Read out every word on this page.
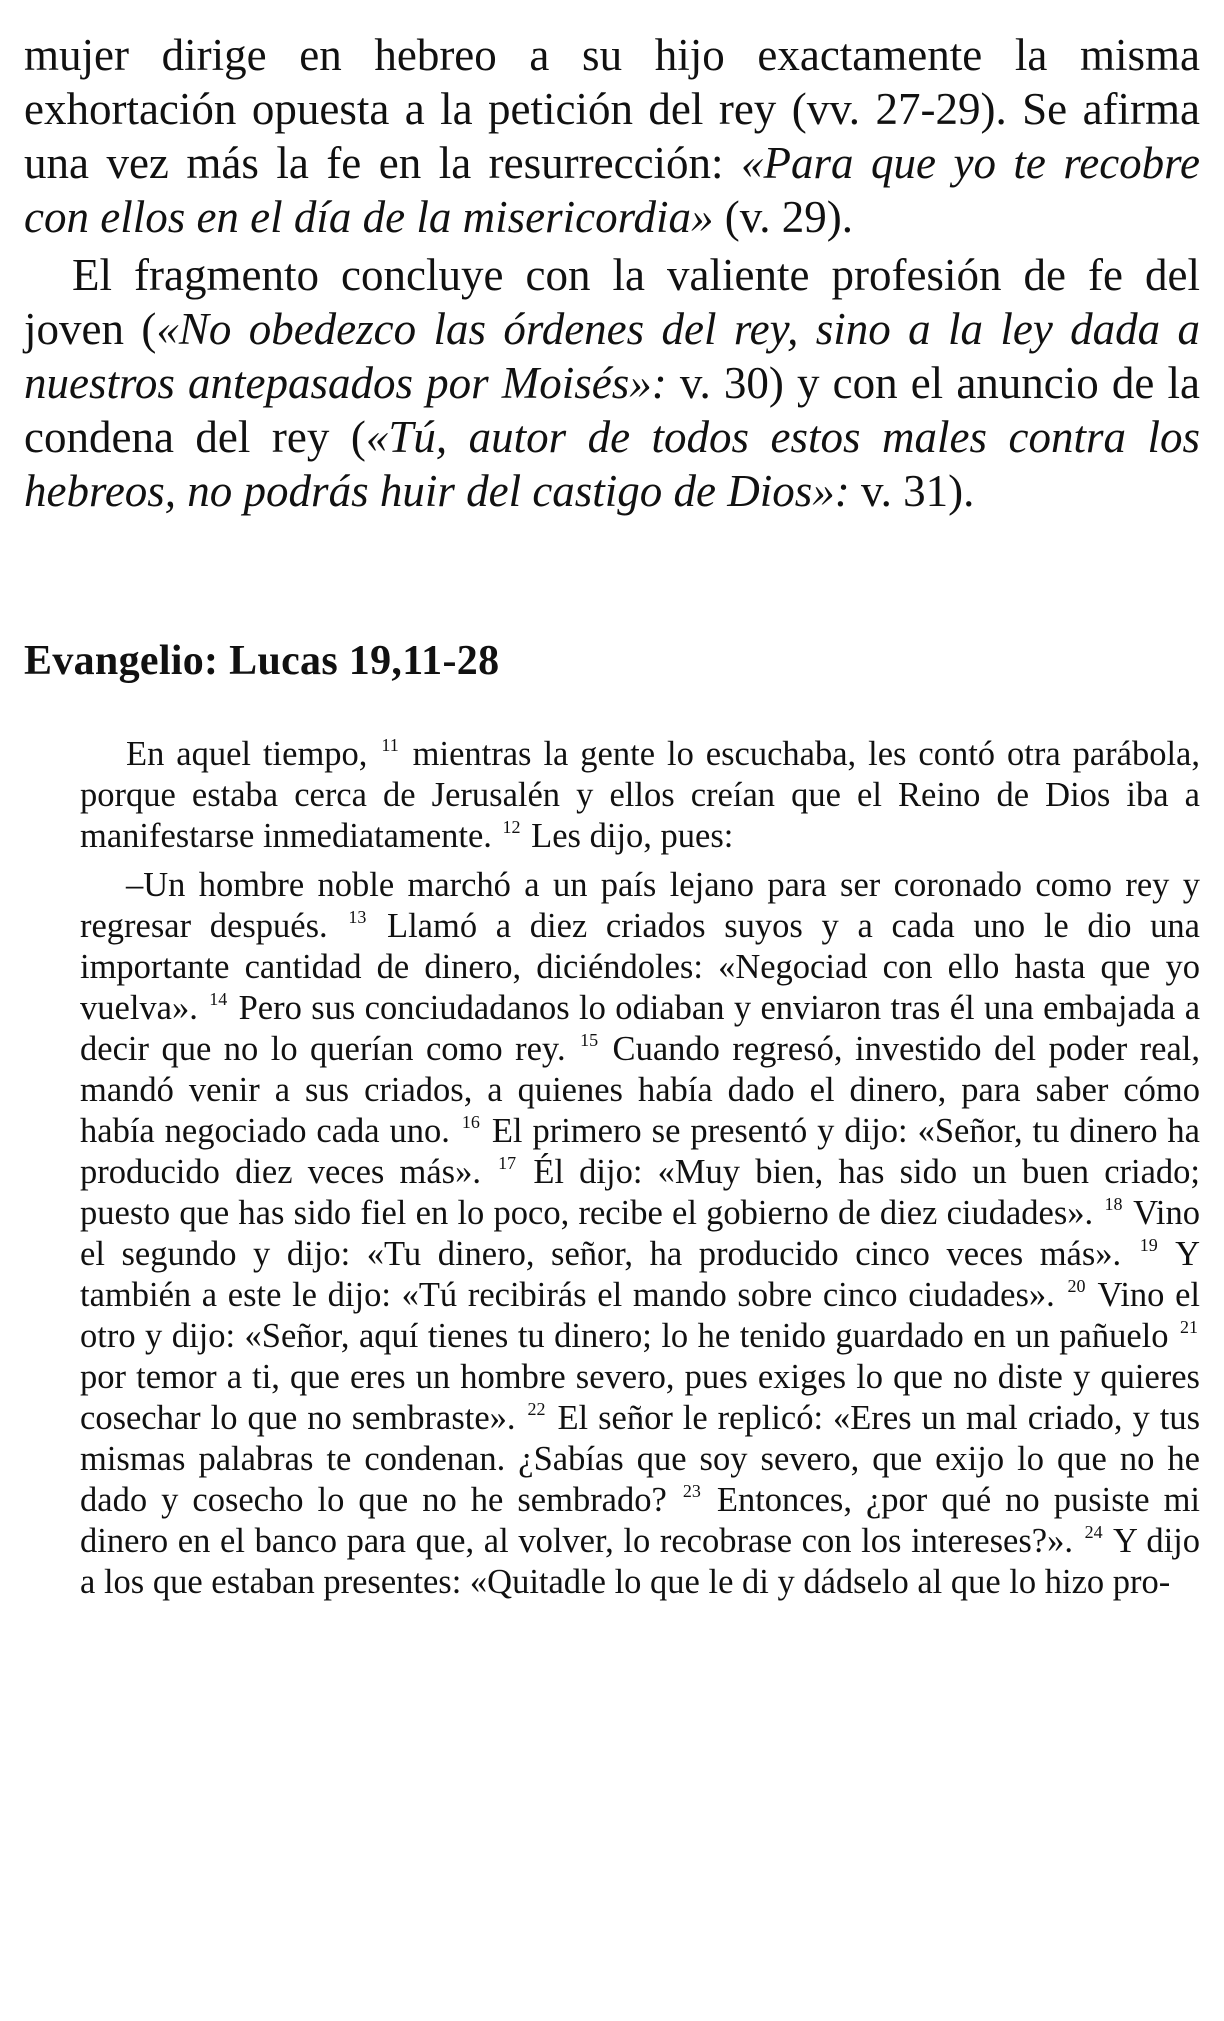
mujer dirige en hebreo a su hijo exactamente la misma exhortación opuesta a la petición del rey (vv. 27-29). Se afirma una vez más la fe en la resurrección: «Para que yo te recobre con ellos en el día de la misericordia» (v. 29).

El fragmento concluye con la valiente profesión de fe del joven («No obedezco las órdenes del rey, sino a la ley dada a nuestros antepasados por Moisés»: v. 30) y con el anuncio de la condena del rey («Tú, autor de todos estos males contra los hebreos, no podrás huir del castigo de Dios»: v. 31).

Evangelio: Lucas 19,11-28

En aquel tiempo, $^{11}$ mientras la gente lo escuchaba, les contó otra parábola, porque estaba cerca de Jerusalén y ellos creían que el Reino de Dios iba a manifestarse inmediatamente. $^{12}$ Les dijo, pues:

–Un hombre noble marchó a un país lejano para ser coronado como rey y regresar después. $^{13}$ Llamó a diez criados suyos y a cada uno le dio una importante cantidad de dinero, diciéndoles: «Negociad con ello hasta que yo vuelva». $^{14}$ Pero sus conciudadanos lo odiaban y enviaron tras él una embajada a decir que no lo querían como rey. $^{15}$ Cuando regresó, investido del poder real, mandó venir a sus criados, a quienes había dado el dinero, para saber cómo había negociado cada uno. $^{16}$ El primero se presentó y dijo: «Señor, tu dinero ha producido diez veces más». $^{17}$ Él dijo: «Muy bien, has sido un buen criado; puesto que has sido fiel en lo poco, recibe el gobierno de diez ciudades». $^{18}$ Vino el segundo y dijo: «Tu dinero, señor, ha producido cinco veces más». $^{19}$ Y también a este le dijo: «Tú recibirás el mando sobre cinco ciudades». $^{20}$ Vino el otro y dijo: «Señor, aquí tienes tu dinero; lo he tenido guardado en un pañuelo $^{21}$ por temor a ti, que eres un hombre severo, pues exiges lo que no diste y quieres cosechar lo que no sembraste». $^{22}$ El señor le replicó: «Eres un mal criado, y tus mismas palabras te condenan. ¿Sabías que soy severo, que exijo lo que no he dado y cosecho lo que no he sembrado? $^{23}$ Entonces, ¿por qué no pusiste mi dinero en el banco para que, al volver, lo recobrase con los intereses?». $^{24}$ Y dijo a los que estaban presentes: «Quitadle lo que le di y dádselo al que lo hizo pro-
